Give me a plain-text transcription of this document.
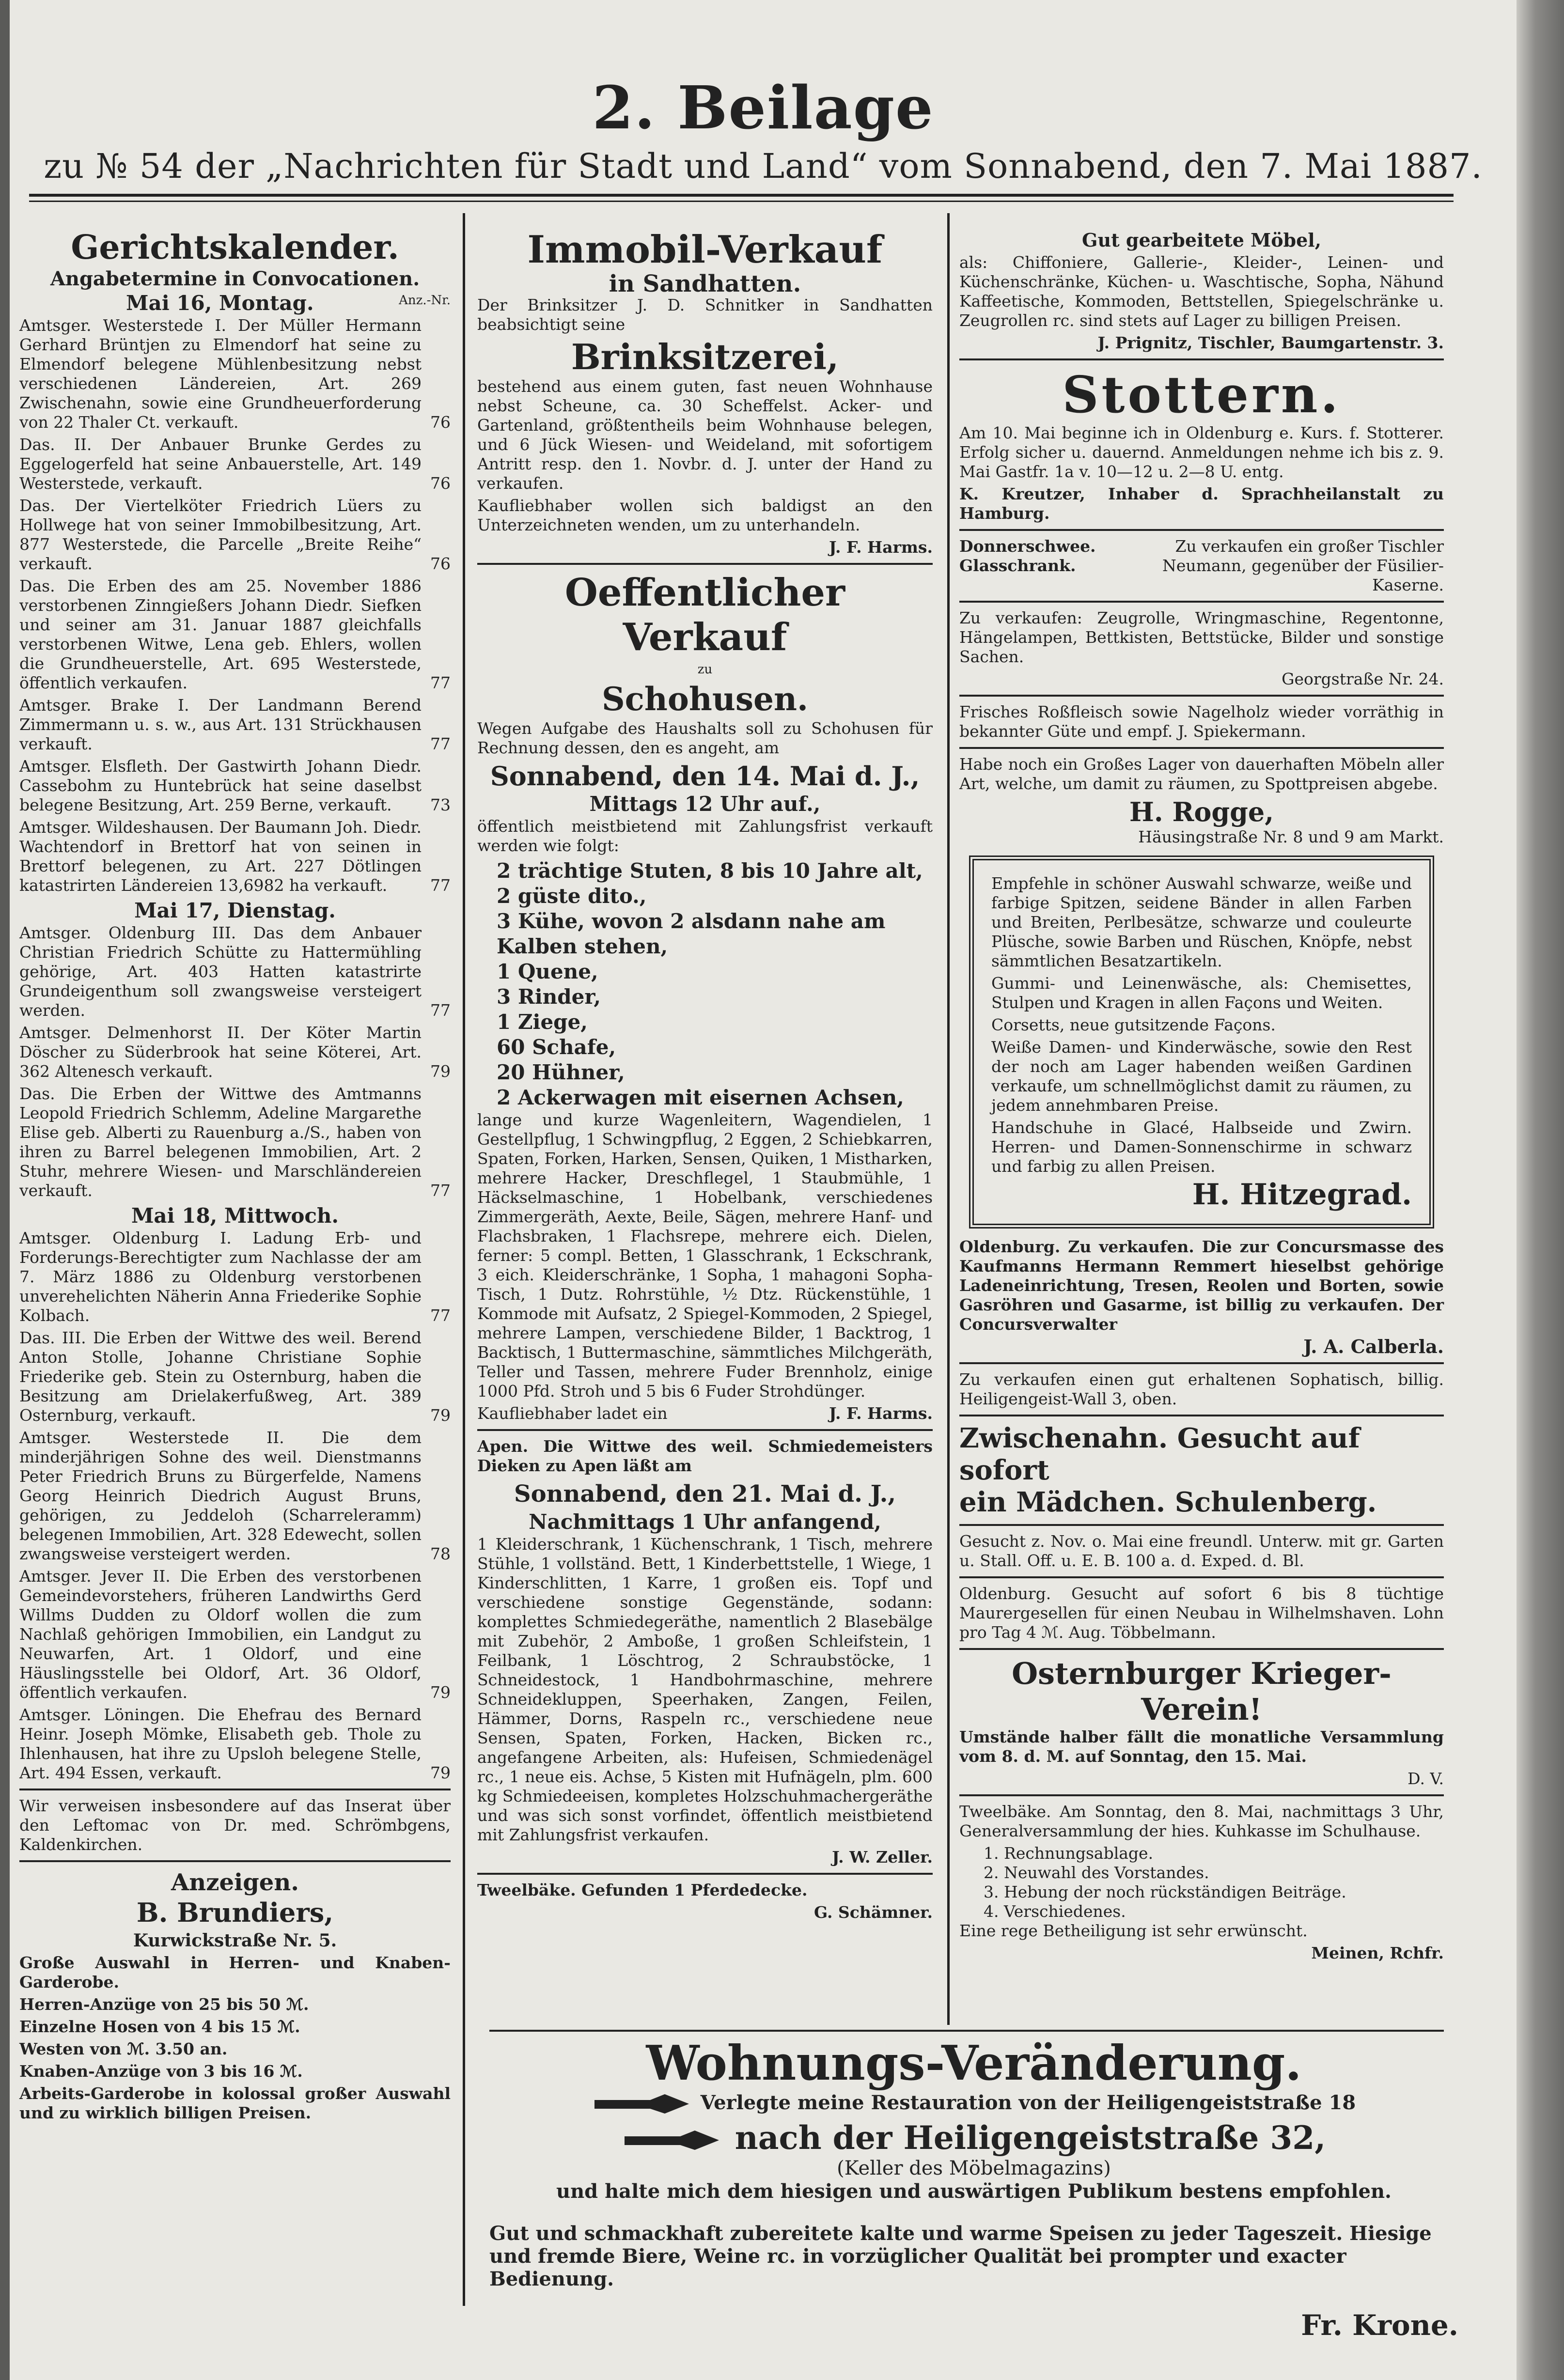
2. Beilage
zu № 54 der „Nachrichten für Stadt und Land“ vom Sonnabend, den 7. Mai 1887.
Gerichtskalender.
Angabetermine in Convocationen.
Mai 16, Montag.	Anz.-Nr.
Amtsger. Westerstede I. Der Müller Hermann Gerhard Brüntjen zu Elmendorf hat seine zu Elmendorf belegene Mühlenbesitzung nebst verschiedenen Ländereien, Art. 269 Zwischenahn, sowie eine Grundheuerforderung von 22 Thaler Ct. verkauft.	76
Das. II. Der Anbauer Brunke Gerdes zu Eggelogerfeld hat seine Anbauerstelle, Art. 149 Westerstede, verkauft.	76
Das. Der Viertelköter Friedrich Lüers zu Hollwege hat von seiner Immobilbesitzung, Art. 877 Westerstede, die Parcelle „Breite Reihe“ verkauft.	76
Das. Die Erben des am 25. November 1886 verstorbenen Zinngießers Johann Diedr. Siefken und seiner am 31. Januar 1887 gleichfalls verstorbenen Witwe, Lena geb. Ehlers, wollen die Grundheuerstelle, Art. 695 Westerstede, öffentlich verkaufen.	77
Amtsger. Brake I. Der Landmann Berend Zimmermann u. s. w., aus Art. 131 Strückhausen verkauft.	77
Amtsger. Elsfleth. Der Gastwirth Johann Diedr. Cassebohm zu Huntebrück hat seine daselbst belegene Besitzung, Art. 259 Berne, verkauft. 73
Amtsger. Wildeshausen. Der Baumann Joh. Diedr. Wachtendorf in Brettorf hat von seinen in Brettorf belegenen, zu Art. 227 Dötlingen katastrirten Ländereien 13,6982 ha verkauft.	77
Mai 17, Dienstag.
Amtsger. Oldenburg III. Das dem Anbauer Christian Friedrich Schütte zu Hattermühling gehörige, Art. 403 Hatten katastrirte Grundeigenthum soll zwangsweise versteigert werden.	77
Amtsger. Delmenhorst II. Der Köter Martin Döscher zu Süderbrook hat seine Köterei, Art. 362 Altenesch verkauft.	79
Das. Die Erben der Wittwe des Amtmanns Leopold Friedrich Schlemm, Adeline Margarethe Elise geb. Alberti zu Rauenburg a./S., haben von ihren zu Barrel belegenen Immobilien, Art. 2 Stuhr, mehrere Wiesen- und Marschländereien verkauft.	77
Mai 18, Mittwoch.
Amtsger. Oldenburg I. Ladung Erb- und Forderungs-Berechtigter zum Nachlasse der am 7. März 1886 zu Oldenburg verstorbenen unverehelichten Näherin Anna Friederike Sophie Kolbach.	77
Das. III. Die Erben der Wittwe des weil. Berend Anton Stolle, Johanne Christiane Sophie Friederike geb. Stein zu Osternburg, haben die Besitzung am Drielakerfußweg, Art. 389 Osternburg, verkauft.	79
Amtsger. Westerstede II. Die dem minderjährigen Sohne des weil. Dienstmanns Peter Friedrich Bruns zu Bürgerfelde, Namens Georg Heinrich Diedrich August Bruns, gehörigen, zu Jeddeloh (Scharreleramm) belegenen Immobilien, Art. 328 Edewecht, sollen zwangsweise versteigert werden.	78
Amtsger. Jever II. Die Erben des verstorbenen Gemeindevorstehers, früheren Landwirths Gerd Willms Dudden zu Oldorf wollen die zum Nachlaß gehörigen Immobilien, ein Landgut zu Neuwarfen, Art. 1 Oldorf, und eine Häuslingsstelle bei Oldorf, Art. 36 Oldorf, öffentlich verkaufen.	79
Amtsger. Löningen. Die Ehefrau des Bernard Heinr. Joseph Mömke, Elisabeth geb. Thole zu Ihlenhausen, hat ihre zu Upsloh belegene Stelle, Art. 494 Essen, verkauft.	79

Wir verweisen insbesondere auf das Inserat über den Leftomac von Dr. med. Schrömbgens, Kaldenkirchen.

Anzeigen.
B. Brundiers,
Kurwickstraße Nr. 5.

Große Auswahl in Herren- und Knaben-Garderobe.

Herren-Anzüge von 25 bis 50 ℳ.

Einzelne Hosen von 4 bis 15 ℳ.

Westen von ℳ. 3.50 an.

Knaben-Anzüge von 3 bis 16 ℳ.

Arbeits-Garderobe in kolossal großer Auswahl und zu wirklich billigen Preisen.

Immobil-Verkauf
in Sandhatten.

Der Brinksitzer J. D. Schnitker in Sandhatten beabsichtigt seine

Brinksitzerei,

bestehend aus einem guten, fast neuen Wohnhause nebst Scheune, ca. 30 Scheffelst. Acker- und Gartenland, größtentheils beim Wohnhause belegen, und 6 Jück Wiesen- und Weideland, mit sofortigem Antritt resp. den 1. Novbr. d. J. unter der Hand zu verkaufen.

Kaufliebhaber wollen sich baldigst an den Unterzeichneten wenden, um zu unterhandeln.

J. F. Harms.
Oeffentlicher Verkauf
zu
Schohusen.

Wegen Aufgabe des Haushalts soll zu Schohusen für Rechnung dessen, den es angeht, am

Sonnabend, den 14. Mai d. J.,
Mittags 12 Uhr auf.,

öffentlich meistbietend mit Zahlungsfrist verkauft werden wie folgt:

2 trächtige Stuten, 8 bis 10 Jahre alt,
2 güste dito.,
3 Kühe, wovon 2 alsdann nahe am Kalben stehen,
1 Quene,
3 Rinder,
1 Ziege,
60 Schafe,
20 Hühner,
2 Ackerwagen mit eisernen Achsen,

lange und kurze Wagenleitern, Wagendielen, 1 Gestellpflug, 1 Schwingpflug, 2 Eggen, 2 Schiebkarren, Spaten, Forken, Harken, Sensen, Quiken, 1 Mistharken, mehrere Hacker, Dreschflegel, 1 Staubmühle, 1 Häckselmaschine, 1 Hobelbank, verschiedenes Zimmergeräth, Aexte, Beile, Sägen, mehrere Hanf- und Flachsbraken, 1 Flachsrepe, mehrere eich. Dielen, ferner: 5 compl. Betten, 1 Glasschrank, 1 Eckschrank, 3 eich. Kleiderschränke, 1 Sopha, 1 mahagoni Sopha-Tisch, 1 Dutz. Rohrstühle, ½ Dtz. Rückenstühle, 1 Kommode mit Aufsatz, 2 Spiegel-Kommoden, 2 Spiegel, mehrere Lampen, verschiedene Bilder, 1 Backtrog, 1 Backtisch, 1 Buttermaschine, sämmtliches Milchgeräth, Teller und Tassen, mehrere Fuder Brennholz, einige 1000 Pfd. Stroh und 5 bis 6 Fuder Strohdünger.

Kaufliebhaber ladet ein	J. F. Harms.

Apen. Die Wittwe des weil. Schmiedemeisters Dieken zu Apen läßt am

Sonnabend, den 21. Mai d. J.,
Nachmittags 1 Uhr anfangend,

1 Kleiderschrank, 1 Küchenschrank, 1 Tisch, mehrere Stühle, 1 vollständ. Bett, 1 Kinderbettstelle, 1 Wiege, 1 Kinderschlitten, 1 Karre, 1 großen eis. Topf und verschiedene sonstige Gegenstände, sodann: komplettes Schmiedegeräthe, namentlich 2 Blasebälge mit Zubehör, 2 Amboße, 1 großen Schleifstein, 1 Feilbank, 1 Löschtrog, 2 Schraubstöcke, 1 Schneidestock, 1 Handbohrmaschine, mehrere Schneidekluppen, Speerhaken, Zangen, Feilen, Hämmer, Dorns, Raspeln rc., verschiedene neue Sensen, Spaten, Forken, Hacken, Bicken rc., angefangene Arbeiten, als: Hufeisen, Schmiedenägel rc., 1 neue eis. Achse, 5 Kisten mit Hufnägeln, plm. 600 kg Schmiedeeisen, kompletes Holzschuhmachergeräthe und was sich sonst vorfindet, öffentlich meistbietend mit Zahlungsfrist verkaufen.

J. W. Zeller.

Tweelbäke. Gefunden 1 Pferdedecke.

G. Schämner.
Gut gearbeitete Möbel,

als: Chiffoniere, Gallerie-, Kleider-, Leinen- und Küchenschränke, Küchen- u. Waschtische, Sopha, Nähund Kaffeetische, Kommoden, Bettstellen, Spiegelschränke u. Zeugrollen rc. sind stets auf Lager zu billigen Preisen.

J. Prignitz, Tischler, Baumgartenstr. 3.
Stottern.

Am 10. Mai beginne ich in Oldenburg e. Kurs. f. Stotterer. Erfolg sicher u. dauernd. Anmeldungen nehme ich bis z. 9. Mai Gastfr. 1a v. 10—12 u. 2—8 U. entg.

K. Kreutzer, Inhaber d. Sprachheilanstalt zu Hamburg.

Donnerschwee. Glasschrank.
Zu verkaufen ein großer Tischler Neumann, gegenüber der Füsilier-Kaserne.

Zu verkaufen: Zeugrolle, Wringmaschine, Regentonne, Hängelampen, Bettkisten, Bettstücke, Bilder und sonstige Sachen.

Georgstraße Nr. 24.

Frisches Roßfleisch sowie Nagelholz wieder vorräthig in bekannter Güte und empf. J. Spiekermann.

Habe noch ein Großes Lager von dauerhaften Möbeln aller Art, welche, um damit zu räumen, zu Spottpreisen abgebe.

H. Rogge,
Häusingstraße Nr. 8 und 9 am Markt.

Empfehle in schöner Auswahl schwarze, weiße und farbige Spitzen, seidene Bänder in allen Farben und Breiten, Perlbesätze, schwarze und couleurte Plüsche, sowie Barben und Rüschen, Knöpfe, nebst sämmtlichen Besatzartikeln.

Gummi- und Leinenwäsche, als: Chemisettes, Stulpen und Kragen in allen Façons und Weiten.

Corsetts, neue gutsitzende Façons.

Weiße Damen- und Kinderwäsche, sowie den Rest der noch am Lager habenden weißen Gardinen verkaufe, um schnellmöglichst damit zu räumen, zu jedem annehmbaren Preise.

Handschuhe in Glacé, Halbseide und Zwirn. Herren- und Damen-Sonnenschirme in schwarz und farbig zu allen Preisen.

H. Hitzegrad.

Oldenburg. Zu verkaufen. Die zur Concursmasse des Kaufmanns Hermann Remmert hieselbst gehörige Ladeneinrichtung, Tresen, Reolen und Borten, sowie Gasröhren und Gasarme, ist billig zu verkaufen. Der Concursverwalter

J. A. Calberla.

Zu verkaufen einen gut erhaltenen Sophatisch, billig. Heiligengeist-Wall 3, oben.

Zwischenahn. Gesucht auf sofort
ein Mädchen. Schulenberg.

Gesucht z. Nov. o. Mai eine freundl. Unterw. mit gr. Garten u. Stall. Off. u. E. B. 100 a. d. Exped. d. Bl.

Oldenburg. Gesucht auf sofort 6 bis 8 tüchtige Maurergesellen für einen Neubau in Wilhelmshaven. Lohn pro Tag 4 ℳ. Aug. Többelmann.

Osternburger Krieger-Verein!

Umstände halber fällt die monatliche Versammlung vom 8. d. M. auf Sonntag, den 15. Mai.

D. V.

Tweelbäke. Am Sonntag, den 8. Mai, nachmittags 3 Uhr, Generalversammlung der hies. Kuhkasse im Schulhause.

1. Rechnungsablage.
2. Neuwahl des Vorstandes.
3. Hebung der noch rückständigen Beiträge.
4. Verschiedenes.

Eine rege Betheiligung ist sehr erwünscht.

Meinen, Rchfr.
Wohnungs-Veränderung.
Verlegte meine Restauration von der Heiligengeiststraße 18
nach der Heiligengeiststraße 32,
(Keller des Möbelmagazins)
und halte mich dem hiesigen und auswärtigen Publikum bestens empfohlen.

Gut und schmackhaft zubereitete kalte und warme Speisen zu jeder Tageszeit. Hiesige und fremde Biere, Weine rc. in vorzüglicher Qualität bei prompter und exacter Bedienung.

Fr. Krone.
